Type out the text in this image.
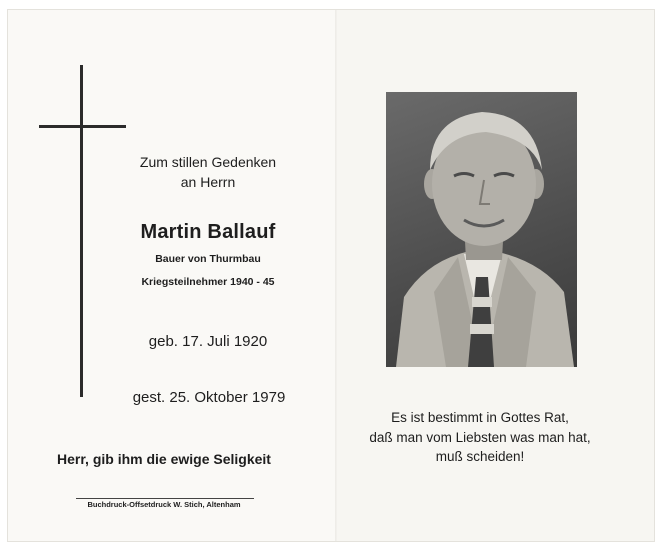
Zum stillen Gedenken
an Herrn
Martin Ballauf
Bauer von Thurmbau
Kriegsteilnehmer 1940 - 45
geb. 17. Juli 1920
gest. 25. Oktober 1979
Herr, gib ihm die ewige Seligkeit
Buchdruck-Offsetdruck W. Stich, Altenham
Es ist bestimmt in Gottes Rat,
daß man vom Liebsten was man hat,
muß scheiden!
